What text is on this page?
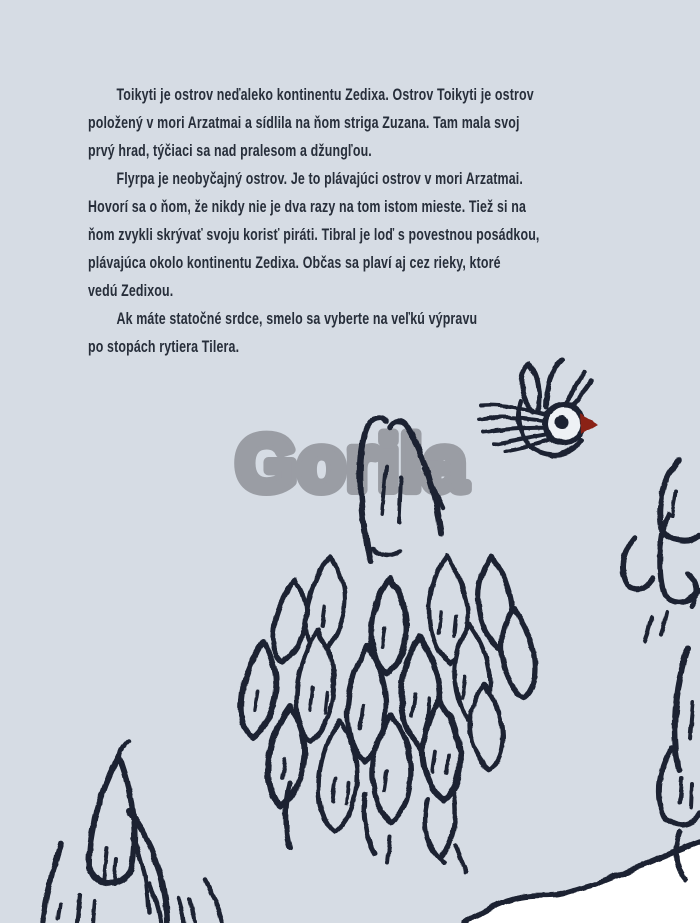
Gorila

Toikyti je ostrov neďaleko kontinentu Zedixa. Ostrov Toikyti je ostrov
položený v mori Arzatmai a sídlila na ňom striga Zuzana. Tam mala svoj
prvý hrad, týčiaci sa nad pralesom a džungľou.

Flyrpa je neobyčajný ostrov. Je to plávajúci ostrov v mori Arzatmai.
Hovorí sa o ňom, že nikdy nie je dva razy na tom istom mieste. Tiež si na
ňom zvykli skrývať svoju korisť piráti. Tibral je loď s povestnou posádkou,
plávajúca okolo kontinentu Zedixa. Občas sa plaví aj cez rieky, ktoré
vedú Zedixou.

Ak máte statočné srdce, smelo sa vyberte na veľkú výpravu
po stopách rytiera Tilera.
